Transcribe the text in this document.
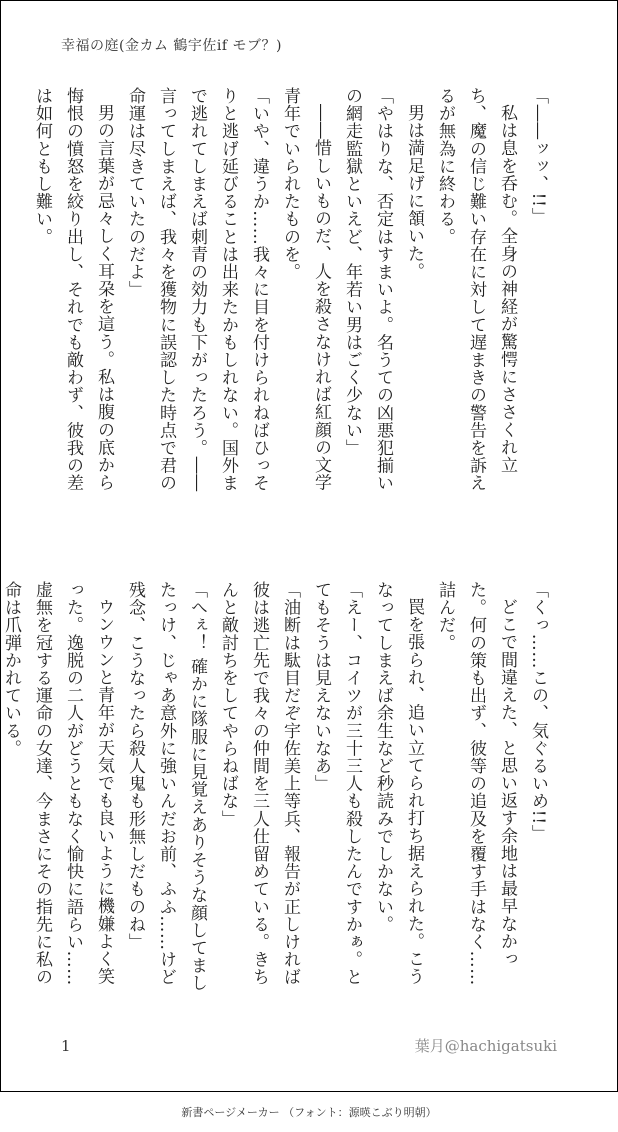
幸福の庭(金カム 鶴宇佐if モブ？)

「――ッッ、!!」

私は息を呑む。全身の神経が驚愕にささくれ立ち、魔の信じ難い存在に対して遅まきの警告を訴えるが無為に終わる。

男は満足げに頷いた。

「やはりな、否定はすまいよ。名うての凶悪犯揃いの網走監獄といえど、年若い男はごく少ない」

――惜しいものだ、人を殺さなければ紅顔の文学青年でいられたものを。

「いや、違うか……我々に目を付けられねばひっそりと逃げ延びることは出来たかもしれない。国外まで逃れてしまえば刺青の効力も下がったろう。――言ってしまえば、我々を獲物に誤認した時点で君の命運は尽きていたのだよ」

男の言葉が忌々しく耳朶を這う。私は腹の底から悔恨の憤怒を絞り出し、それでも敵わず、彼我の差は如何ともし難い。

「くっ……この、気ぐるいめ!!」

どこで間違えた、と思い返す余地は最早なかった。何の策も出ず、彼等の追及を覆す手はなく……詰んだ。

罠を張られ、追い立てられ打ち据えられた。こうなってしまえば余生など秒読みでしかない。

「えー、コイツが三十三人も殺したんですかぁ。とてもそうは見えないなあ」

「油断は駄目だぞ宇佐美上等兵、報告が正しければ彼は逃亡先で我々の仲間を三人仕留めている。きちんと敵討ちをしてやらねばな」

「へぇ！ 確かに隊服に見覚えありそうな顔してましたっけ、じゃあ意外に強いんだお前、ふふ……けど残念、こうなったら殺人鬼も形無しだものね」

ウンウンと青年が天気でも良いように機嫌よく笑った。逸脱の二人がどうともなく愉快に語らい……虚無を冠する運命の女達、今まさにその指先に私の命は爪弾かれている。

1	葉月@hachigatsuki
新書ページメーカー （フォント：源暎こぶり明朝）
